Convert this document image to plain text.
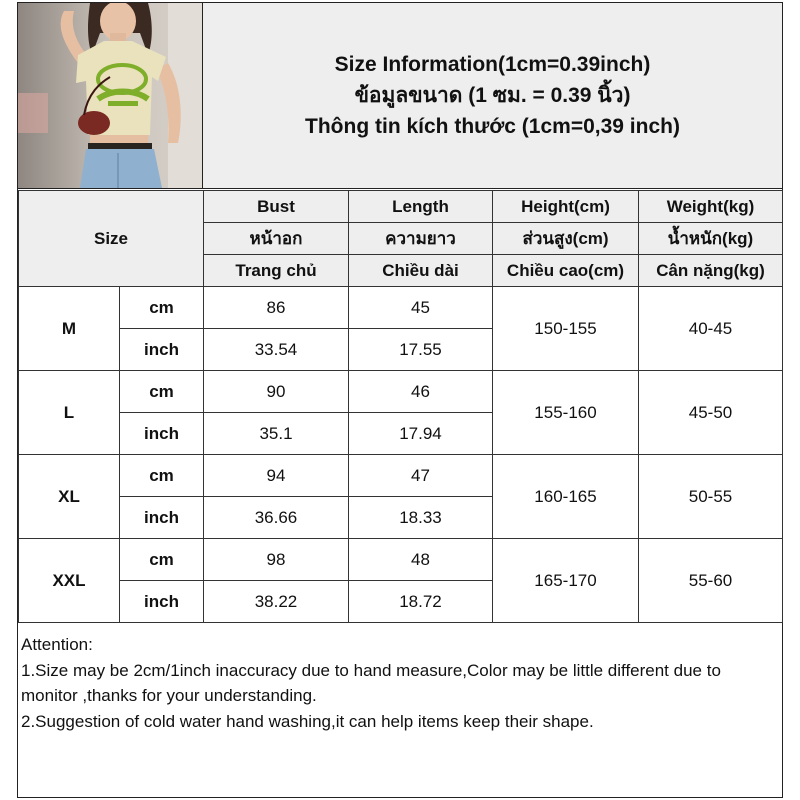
Size Information(1cm=0.39inch)
ข้อมูลขนาด (1 ซม. = 0.39 นิ้ว)
Thông tin kích thước (1cm=0,39 inch)
Size		Bust	Length	Height(cm)	Weight(kg)
		หน้าอก	ความยาว	ส่วนสูง(cm)	น้ำหนัก(kg)
		Trang chủ	Chiều dài	Chiều cao(cm)	Cân nặng(kg)
M	cm	86	45	150-155	40-45
	inch	33.54	17.55		
L	cm	90	46	155-160	45-50
	inch	35.1	17.94		
XL	cm	94	47	160-165	50-55
	inch	36.66	18.33		
XXL	cm	98	48	165-170	55-60
	inch	38.22	18.72		
Attention:
1.Size may be 2cm/1inch inaccuracy due to hand measure,Color may be little different due to monitor ,thanks for your understanding.
2.Suggestion of cold water hand washing,it can help items keep their shape.
